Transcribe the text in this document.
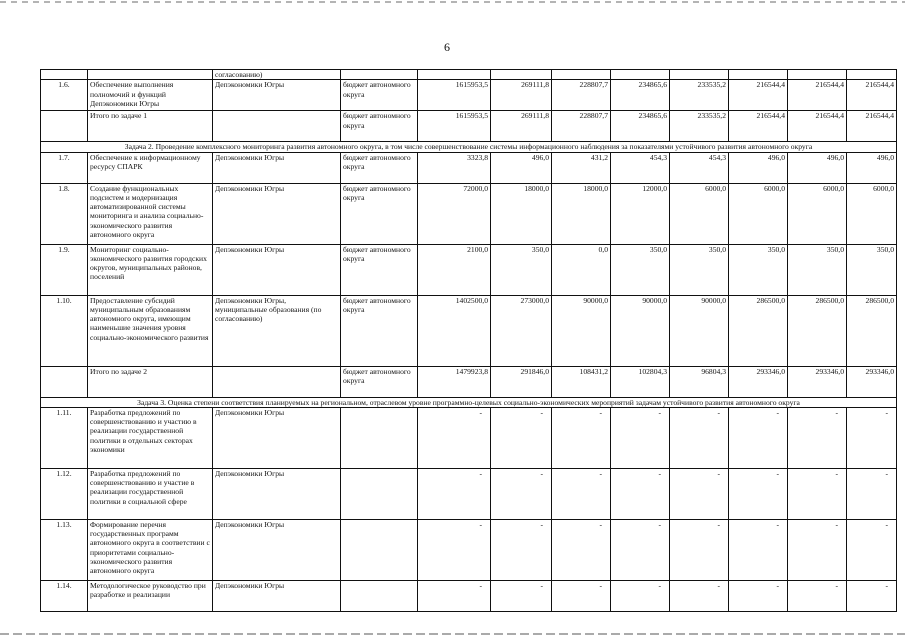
6
		согласованию)									
1.6.	Обеспечение выполнения полномочий и функций Депэкономики Югры	Депэкономики Югры	бюджет автономного округа	1615953,5	269111,8	228807,7	234865,6	233535,2	216544,4	216544,4	216544,4
	Итого по задаче 1		бюджет автономного округа	1615953,5	269111,8	228807,7	234865,6	233535,2	216544,4	216544,4	216544,4
Задача 2. Проведение комплексного мониторинга развития автономного округа, в том числе совершенствование системы информационного наблюдения за показателями устойчивого развития автономного округа											
1.7.	Обеспечение к информационному ресурсу СПАРК	Депэкономики Югры	бюджет автономного округа	3323,8	496,0	431,2	454,3	454,3	496,0	496,0	496,0
1.8.	Создание функциональных подсистем и модернизация автоматизированной системы мониторинга и анализа социально-экономического развития автономного округа	Депэкономики Югры	бюджет автономного округа	72000,0	18000,0	18000,0	12000,0	6000,0	6000,0	6000,0	6000,0
1.9.	Мониторинг социально-экономического развития городских округов, муниципальных районов, поселений	Депэкономики Югры	бюджет автономного округа	2100,0	350,0	0,0	350,0	350,0	350,0	350,0	350,0
1.10.	Предоставление субсидий муниципальным образованиям автономного округа, имеющим наименьшие значения уровня социально-экономического развития	Депэкономики Югры, муниципальные образования (по согласованию)	бюджет автономного округа	1402500,0	273000,0	90000,0	90000,0	90000,0	286500,0	286500,0	286500,0
	Итого по задаче 2		бюджет автономного округа	1479923,8	291846,0	108431,2	102804,3	96804,3	293346,0	293346,0	293346,0
Задача 3. Оценка степени соответствия планируемых на региональном, отраслевом уровне программно-целевых социально-экономических мероприятий задачам устойчивого развития автономного округа											
1.11.	Разработка предложений по совершенствованию и участию в реализации государственной политики в отдельных секторах экономики	Депэкономики Югры		-	-	-	-	-	-	-	-
1.12.	Разработка предложений по совершенствованию и участие в реализации государственной политики в социальной сфере	Депэкономики Югры		-	-	-	-	-	-	-	-
1.13.	Формирование перечня государственных программ автономного округа в соответствии с приоритетами социально-экономического развития автономного округа	Депэкономики Югры		-	-	-	-	-	-	-	-
1.14.	Методологическое руководство при разработке и реализации	Депэкономики Югры		-	-	-	-	-	-	-	-
